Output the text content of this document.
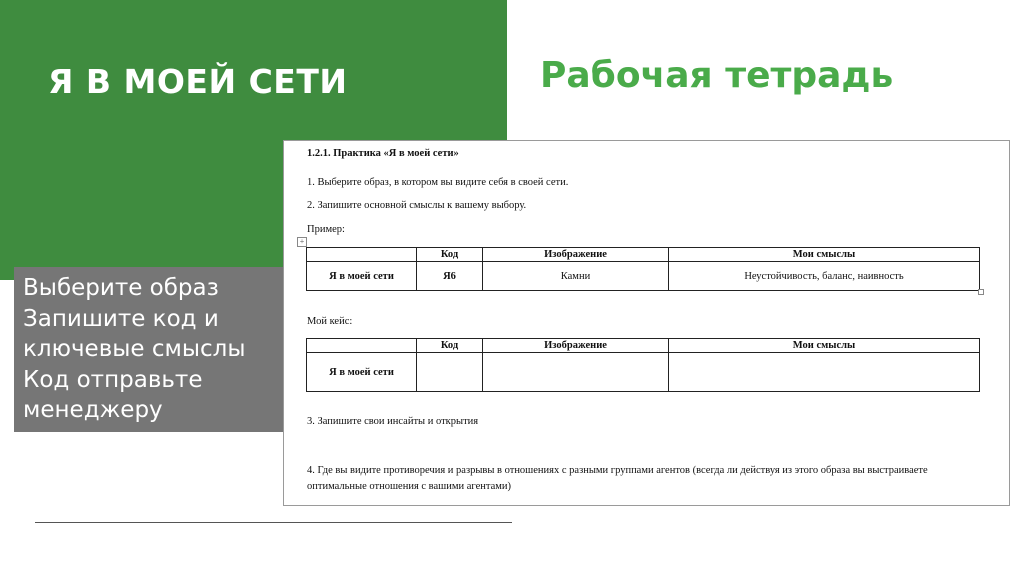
Я В МОЕЙ СЕТИ	Рабочая тетрадь
Выберите образ
Запишите код и
ключевые смыслы
Код отправьте
менеджеру

1.2.1. Практика «Я в моей сети»

1. Выберите образ, в котором вы видите себя в своей сети.

2. Запишите основной смыслы к вашему выбору.

Пример:

+
	Код	Изображение	Мои смыслы
Я в моей сети	Я6	Камни	Неустойчивость, баланс, наивность

Мой кейс:

	Код	Изображение	Мои смыслы
Я в моей сети			

3. Запишите свои инсайты и открытия

4. Где вы видите противоречия и разрывы в отношениях с разными группами агентов (всегда ли действуя из этого образа вы выстраиваете оптимальные отношения с вашими агентами)
